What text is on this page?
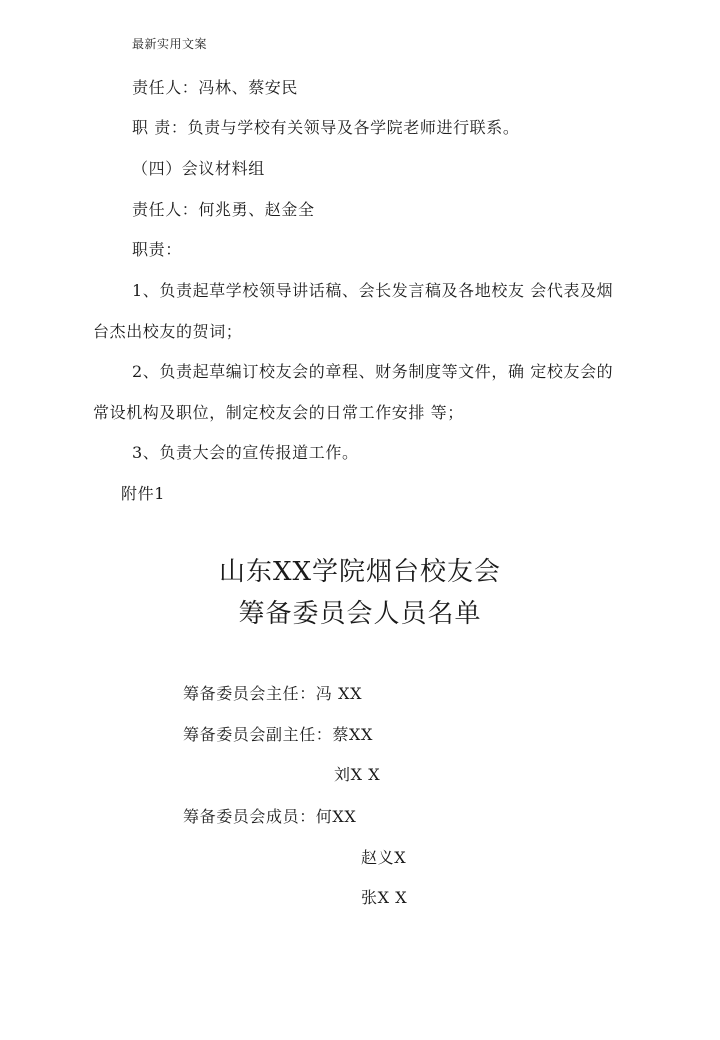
最新实用文案
责任人：冯林、蔡安民
职 责：负责与学校有关领导及各学院老师进行联系。
（四）会议材料组
责任人：何兆勇、赵金全
职责：
1、负责起草学校领导讲话稿、会长发言稿及各地校友 会代表及烟
台杰出校友的贺词；
2、负责起草编订校友会的章程、财务制度等文件，确 定校友会的
常设机构及职位，制定校友会的日常工作安排 等；
3、负责大会的宣传报道工作。
附件1
山东XX学院烟台校友会
筹备委员会人员名单
筹备委员会主任：冯 XX
筹备委员会副主任：蔡XX
刘X X
筹备委员会成员：何XX
赵义X
张X X
